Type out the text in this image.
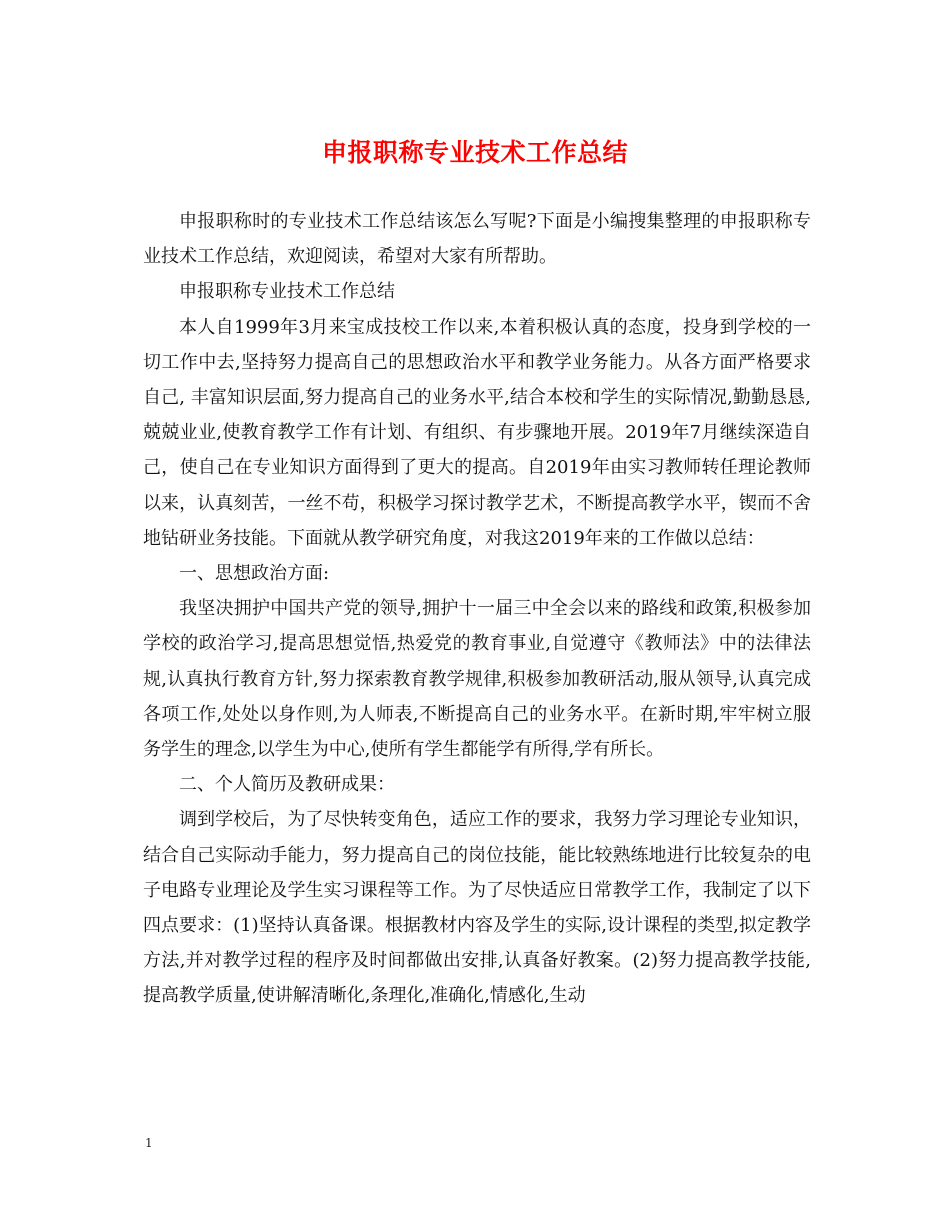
申报职称专业技术工作总结

申报职称时的专业技术工作总结该怎么写呢?下面是小编搜集整理的申报职称专业技术工作总结，欢迎阅读，希望对大家有所帮助。

申报职称专业技术工作总结

本人自1999年3月来宝成技校工作以来,本着积极认真的态度，投身到学校的一切工作中去,坚持努力提高自己的思想政治水平和教学业务能力。从各方面严格要求自己, 丰富知识层面,努力提高自己的业务水平,结合本校和学生的实际情况,勤勤恳恳,兢兢业业,使教育教学工作有计划、有组织、有步骤地开展。2019年7月继续深造自己，使自己在专业知识方面得到了更大的提高。自2019年由实习教师转任理论教师以来，认真刻苦，一丝不苟，积极学习探讨教学艺术，不断提高教学水平，锲而不舍地钻研业务技能。下面就从教学研究角度，对我这2019年来的工作做以总结：

一、思想政治方面:

我坚决拥护中国共产党的领导,拥护十一届三中全会以来的路线和政策,积极参加学校的政治学习,提高思想觉悟,热爱党的教育事业,自觉遵守《教师法》中的法律法规,认真执行教育方针,努力探索教育教学规律,积极参加教研活动,服从领导,认真完成各项工作,处处以身作则,为人师表,不断提高自己的业务水平。在新时期,牢牢树立服务学生的理念,以学生为中心,使所有学生都能学有所得,学有所长。

二、个人简历及教研成果：

调到学校后，为了尽快转变角色，适应工作的要求，我努力学习理论专业知识，结合自己实际动手能力，努力提高自己的岗位技能，能比较熟练地进行比较复杂的电子电路专业理论及学生实习课程等工作。为了尽快适应日常教学工作，我制定了以下四点要求：(1)坚持认真备课。根据教材内容及学生的实际,设计课程的类型,拟定教学方法,并对教学过程的程序及时间都做出安排,认真备好教案。(2)努力提高教学技能,提高教学质量,使讲解清晰化,条理化,准确化,情感化,生动

1
